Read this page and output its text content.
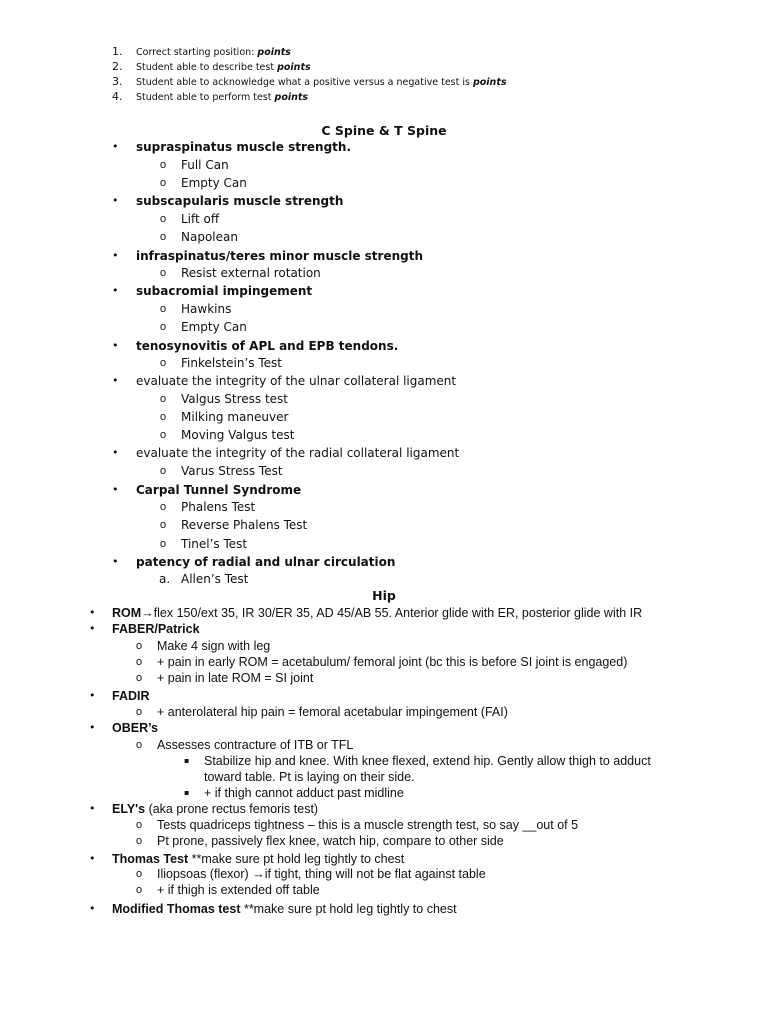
1. Correct starting position: points
2. Student able to describe test points
3. Student able to acknowledge what a positive versus a negative test is points
4. Student able to perform test points
C Spine & T Spine
• supraspinatus muscle strength.
o Full Can
o Empty Can
• subscapularis muscle strength
o Lift off
o Napolean
• infraspinatus/teres minor muscle strength
o Resist external rotation
• subacromial impingement
o Hawkins
o Empty Can
• tenosynovitis of APL and EPB tendons.
o Finkelstein’s Test
• evaluate the integrity of the ulnar collateral ligament
o Valgus Stress test
o Milking maneuver
o Moving Valgus test
• evaluate the integrity of the radial collateral ligament
o Varus Stress Test
• Carpal Tunnel Syndrome
o Phalens Test
o Reverse Phalens Test
o Tinel’s Test
• patency of radial and ulnar circulation
a. Allen’s Test
Hip
• ROM→flex 150/ext 35, IR 30/ER 35, AD 45/AB 55. Anterior glide with ER, posterior glide with IR
• FABER/Patrick
o Make 4 sign with leg
o + pain in early ROM = acetabulum/ femoral joint (bc this is before SI joint is engaged)
o + pain in late ROM = SI joint
• FADIR
o + anterolateral hip pain = femoral acetabular impingement (FAI)
• OBER’s
o Assesses contracture of ITB or TFL
▪ Stabilize hip and knee. With knee flexed, extend hip. Gently allow thigh to adduct
toward table. Pt is laying on their side.
▪ + if thigh cannot adduct past midline
• ELY's (aka prone rectus femoris test)
o Tests quadriceps tightness – this is a muscle strength test, so say __out of 5
o Pt prone, passively flex knee, watch hip, compare to other side
• Thomas Test **make sure pt hold leg tightly to chest
o Iliopsoas (flexor) →if tight, thing will not be flat against table
o + if thigh is extended off table
• Modified Thomas test **make sure pt hold leg tightly to chest
